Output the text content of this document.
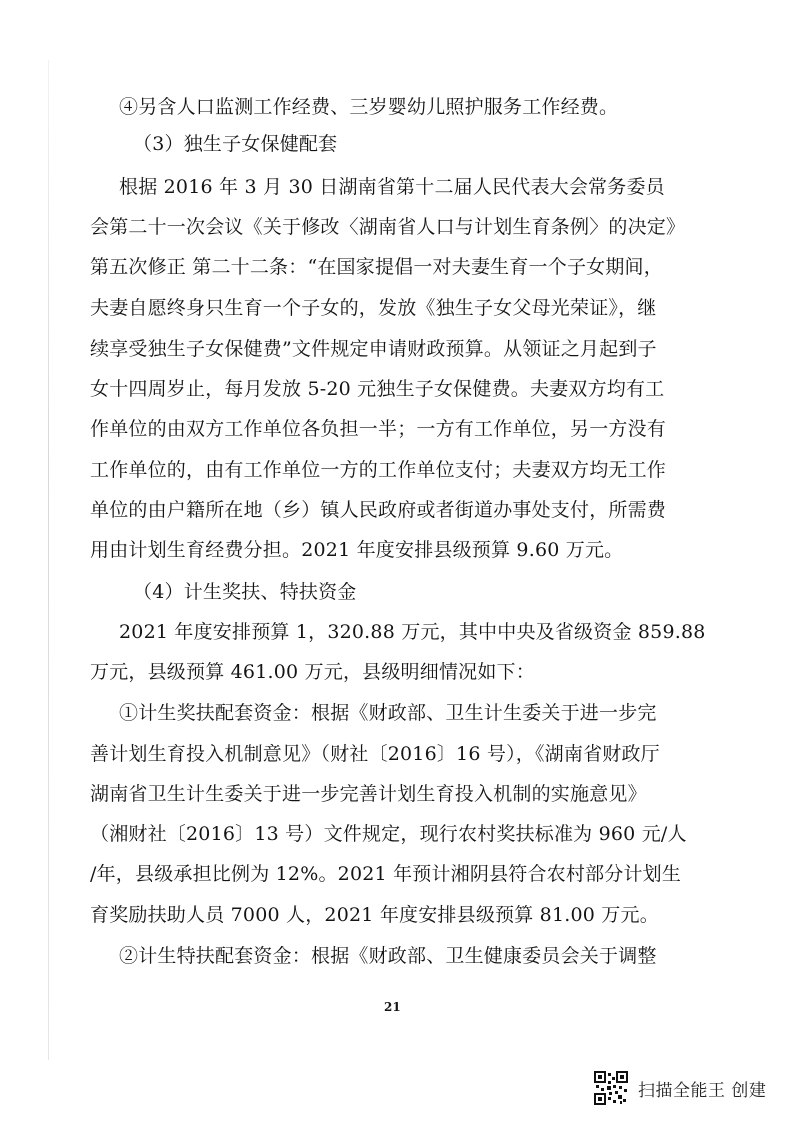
④另含人口监测工作经费、三岁婴幼儿照护服务工作经费。
（3）独生子女保健配套
根据 2016 年 3 月 30 日湖南省第十二届人民代表大会常务委员
会第二十一次会议《关于修改〈湖南省人口与计划生育条例〉的决定》
第五次修正 第二十二条：“在国家提倡一对夫妻生育一个子女期间，
夫妻自愿终身只生育一个子女的，发放《独生子女父母光荣证》，继
续享受独生子女保健费”文件规定申请财政预算。从领证之月起到子
女十四周岁止，每月发放 5-20 元独生子女保健费。夫妻双方均有工
作单位的由双方工作单位各负担一半；一方有工作单位，另一方没有
工作单位的，由有工作单位一方的工作单位支付；夫妻双方均无工作
单位的由户籍所在地（乡）镇人民政府或者街道办事处支付，所需费
用由计划生育经费分担。2021 年度安排县级预算 9.60 万元。
（4）计生奖扶、特扶资金
2021 年度安排预算 1，320.88 万元，其中中央及省级资金 859.88
万元，县级预算 461.00 万元，县级明细情况如下：
①计生奖扶配套资金：根据《财政部、卫生计生委关于进一步完
善计划生育投入机制意见》（财社〔2016〕16 号），《湖南省财政厅
湖南省卫生计生委关于进一步完善计划生育投入机制的实施意见》
（湘财社〔2016〕13 号）文件规定，现行农村奖扶标准为 960 元/人
/年，县级承担比例为 12%。2021 年预计湘阴县符合农村部分计划生
育奖励扶助人员 7000 人，2021 年度安排县级预算 81.00 万元。
②计生特扶配套资金：根据《财政部、卫生健康委员会关于调整
21
扫描全能王 创建
